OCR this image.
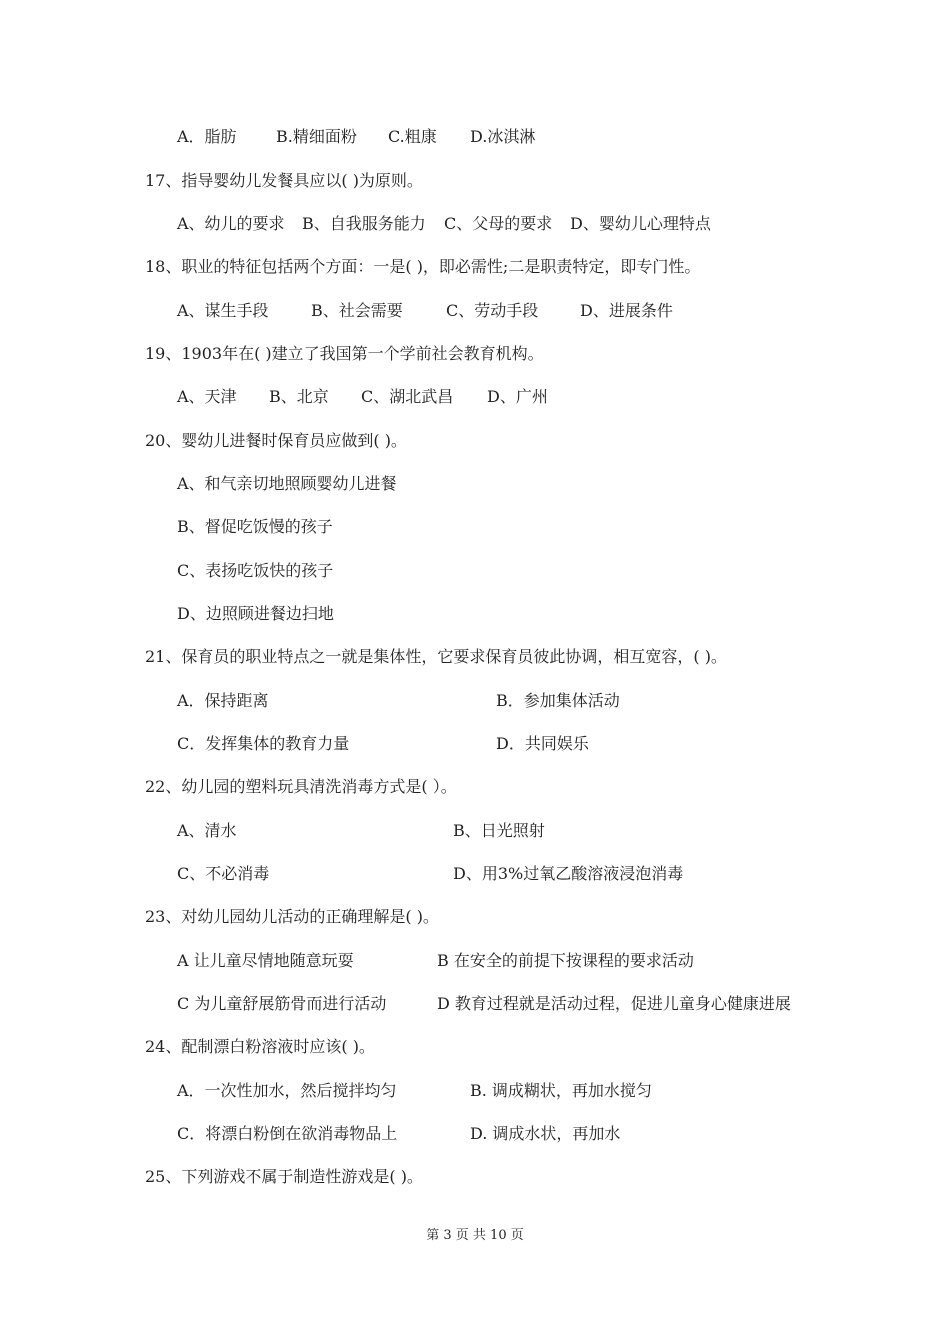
A．脂肪 B.精细面粉 C.粗康 D.冰淇淋
17、指导婴幼儿发餐具应以( )为原则。
A、幼儿的要求 B、自我服务能力 C、父母的要求 D、婴幼儿心理特点
18、职业的特征包括两个方面：一是( )，即必需性;二是职责特定，即专门性。
A、谋生手段	B、社会需要	C、劳动手段	D、进展条件
19、1903年在( )建立了我国第一个学前社会教育机构。
A、天津 B、北京 C、湖北武昌 D、广州
20、婴幼儿进餐时保育员应做到( )。
A、和气亲切地照顾婴幼儿进餐
B、督促吃饭慢的孩子
C、表扬吃饭快的孩子
D、边照顾进餐边扫地
21、保育员的职业特点之一就是集体性，它要求保育员彼此协调，相互宽容，( )。
A．保持距离	B．参加集体活动
C．发挥集体的教育力量	D．共同娱乐
22、幼儿园的塑料玩具清洗消毒方式是( ）。
A、清水	B、日光照射
C、不必消毒	D、用3%过氧乙酸溶液浸泡消毒
23、对幼儿园幼儿活动的正确理解是( )。
A 让儿童尽情地随意玩耍	B 在安全的前提下按课程的要求活动
C 为儿童舒展筋骨而进行活动	D 教育过程就是活动过程，促进儿童身心健康进展
24、配制漂白粉溶液时应该( )。
A．一次性加水，然后搅拌均匀	B. 调成糊状，再加水搅匀
C．将漂白粉倒在欲消毒物品上	D. 调成水状，再加水
25、下列游戏不属于制造性游戏是( )。
第 3 页 共 10 页
